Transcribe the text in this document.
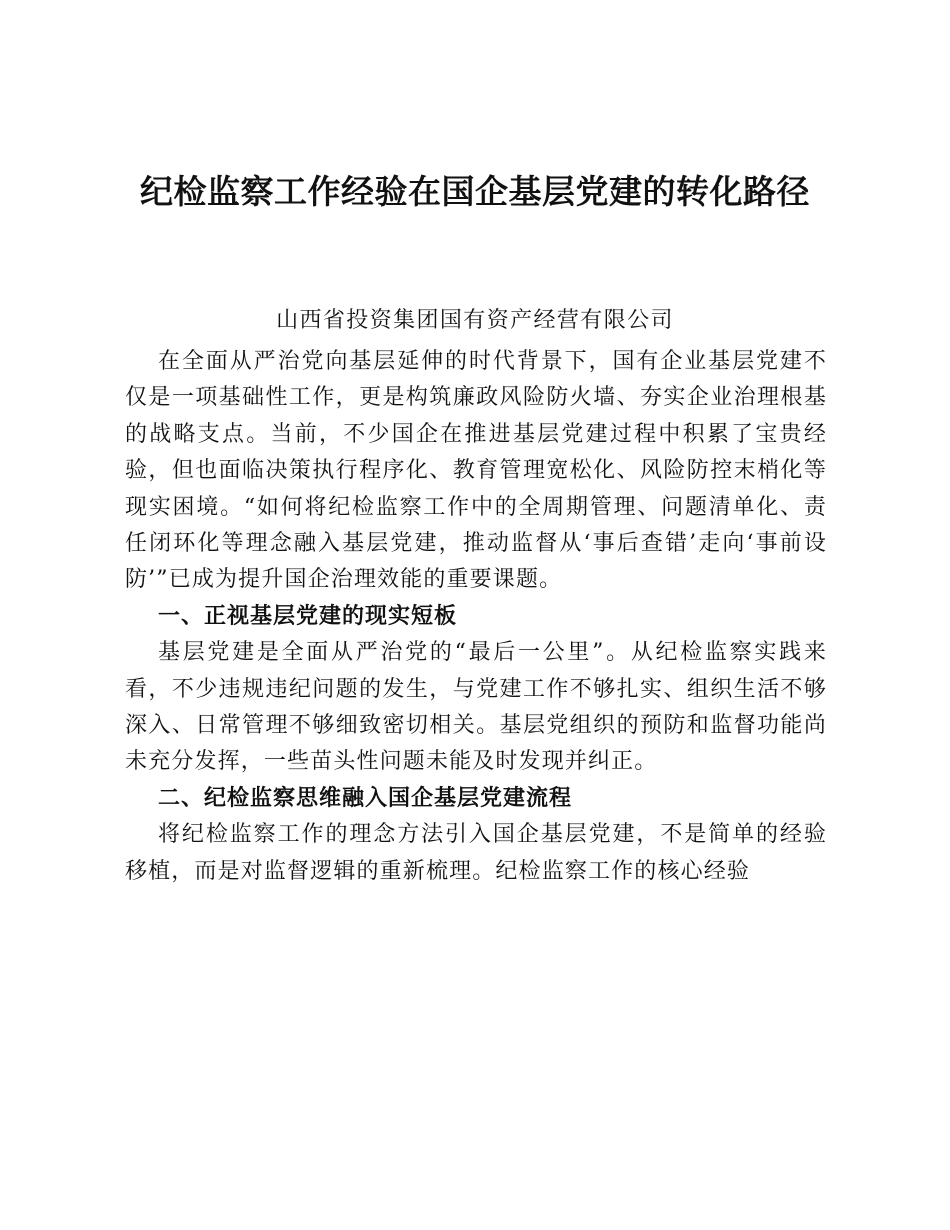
纪检监察工作经验在国企基层党建的转化路径

山西省投资集团国有资产经营有限公司

在全面从严治党向基层延伸的时代背景下，国有企业基层党建不仅是一项基础性工作，更是构筑廉政风险防火墙、夯实企业治理根基的战略支点。当前，不少国企在推进基层党建过程中积累了宝贵经验，但也面临决策执行程序化、教育管理宽松化、风险防控末梢化等现实困境。“如何将纪检监察工作中的全周期管理、问题清单化、责任闭环化等理念融入基层党建，推动监督从‘事后查错’走向‘事前设防’”已成为提升国企治理效能的重要课题。

一、正视基层党建的现实短板

基层党建是全面从严治党的“最后一公里”。从纪检监察实践来看，不少违规违纪问题的发生，与党建工作不够扎实、组织生活不够深入、日常管理不够细致密切相关。基层党组织的预防和监督功能尚未充分发挥，一些苗头性问题未能及时发现并纠正。

二、纪检监察思维融入国企基层党建流程

将纪检监察工作的理念方法引入国企基层党建，不是简单的经验移植，而是对监督逻辑的重新梳理。纪检监察工作的核心经验
